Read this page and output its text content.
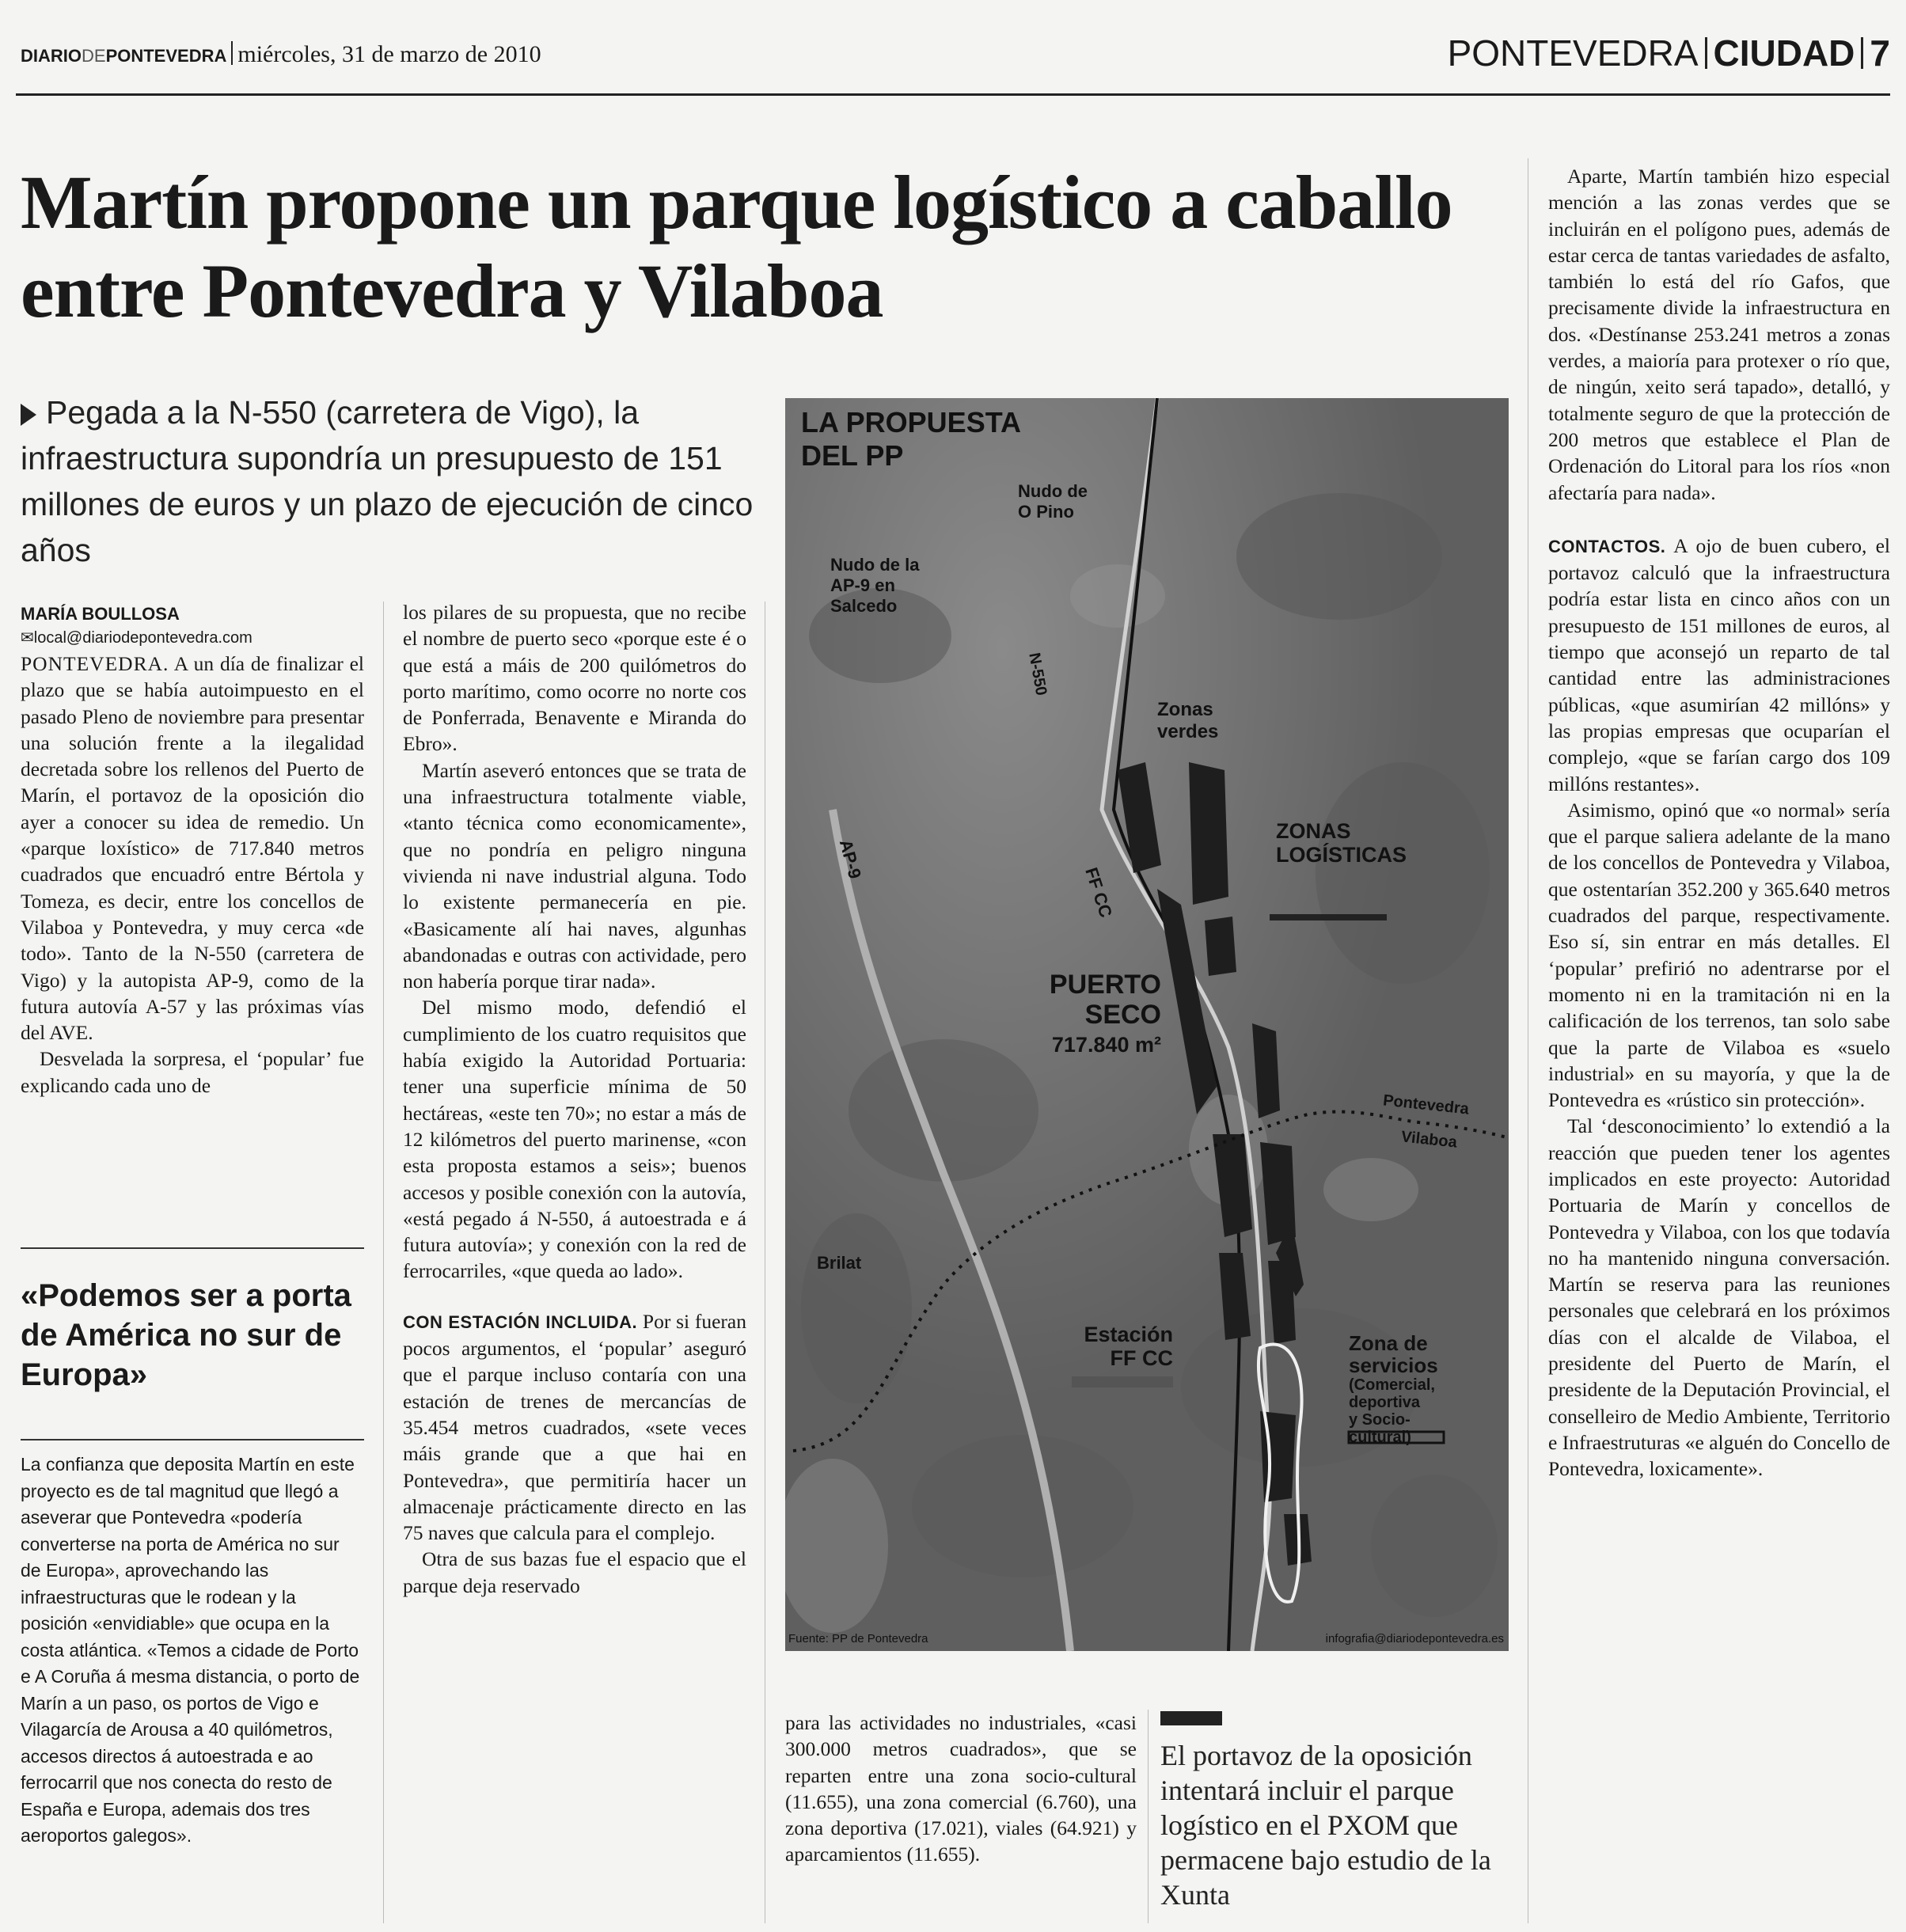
DIARIODEPONTEVEDRA miércoles, 31 de marzo de 2010	PONTEVEDRA CIUDAD 7
Martín propone un parque logístico a caballo entre Pontevedra y Vilaboa
Pegada a la N-550 (carretera de Vigo), la infraestructura supondría un presupuesto de 151 millones de euros y un plazo de ejecución de cinco años
MARÍA BOULLOSA
✉local@diariodepontevedra.com

PONTEVEDRA. A un día de finalizar el plazo que se había autoimpuesto en el pasado Pleno de noviembre para presentar una solución frente a la ilegalidad decretada sobre los rellenos del Puerto de Marín, el portavoz de la oposición dio ayer a conocer su idea de remedio. Un «parque loxístico» de 717.840 metros cuadrados que encuadró entre Bértola y Tomeza, es decir, entre los concellos de Vilaboa y Pontevedra, y muy cerca «de todo». Tanto de la N-550 (carretera de Vigo) y la autopista AP-9, como de la futura autovía A-57 y las próximas vías del AVE.

Desvelada la sorpresa, el ‘popular’ fue explicando cada uno de

«Podemos ser a porta de América no sur de Europa»

La confianza que deposita Martín en este proyecto es de tal magnitud que llegó a aseverar que Pontevedra «podería converterse na porta de América no sur de Europa», aprovechando las infraestructuras que le rodean y la posición «envidiable» que ocupa en la costa atlántica. «Temos a cidade de Porto e A Coruña á mesma distancia, o porto de Marín a un paso, os portos de Vigo e Vilagarcía de Arousa a 40 quilómetros, accesos directos á autoestrada e ao ferrocarril que nos conecta do resto de España e Europa, ademais dos tres aeroportos galegos».

los pilares de su propuesta, que no recibe el nombre de puerto seco «porque este é o que está a máis de 200 quilómetros do porto marítimo, como ocorre no norte cos de Ponferrada, Benavente e Miranda do Ebro».

Martín aseveró entonces que se trata de una infraestructura totalmente viable, «tanto técnica como economicamente», que no pondría en peligro ninguna vivienda ni nave industrial alguna. Todo lo existente permanecería en pie. «Basicamente alí hai naves, algunhas abandonadas e outras con actividade, pero non habería porque tirar nada».

Del mismo modo, defendió el cumplimiento de los cuatro requisitos que había exigido la Autoridad Portuaria: tener una superficie mínima de 50 hectáreas, «este ten 70»; no estar a más de 12 kilómetros del puerto marinense, «con esta proposta estamos a seis»; buenos accesos y posible conexión con la autovía, «está pegado á N-550, á autoestrada e á futura autovía»; y conexión con la red de ferrocarriles, «que queda ao lado».

CON ESTACIÓN INCLUIDA. Por si fueran pocos argumentos, el ‘popular’ aseguró que el parque incluso contaría con una estación de trenes de mercancías de 35.454 metros cuadrados, «sete veces máis grande que a que hai en Pontevedra», que permitiría hacer un almacenaje prácticamente directo en las 75 naves que calcula para el complejo.

Otra de sus bazas fue el espacio que el parque deja reservado

LA PROPUESTA
DEL PP
Nudo de
O Pino
Nudo de la
AP-9 en
Salcedo
N-550
AP-9
Zonas
verdes
ZONAS
LOGÍSTICAS
FF CC
PUERTO
SECO
717.840 m²
Pontevedra
Vilaboa
Brilat
Estación
FF CC
Zona de
servicios
(Comercial,
deportiva
y Socio-
cultural)
Fuente: PP de Pontevedra	infografia@diariodepontevedra.es

para las actividades no industriales, «casi 300.000 metros cuadrados», que se reparten entre una zona socio-cultural (11.655), una zona comercial (6.760), una zona deportiva (17.021), viales (64.921) y aparcamientos (11.655).

El portavoz de la oposición intentará incluir el parque logístico en el PXOM que permacene bajo estudio de la Xunta

Aparte, Martín también hizo especial mención a las zonas verdes que se incluirán en el polígono pues, además de estar cerca de tantas variedades de asfalto, también lo está del río Gafos, que precisamente divide la infraestructura en dos. «Destínanse 253.241 metros a zonas verdes, a maioría para protexer o río que, de ningún, xeito será tapado», detalló, y totalmente seguro de que la protección de 200 metros que establece el Plan de Ordenación do Litoral para los ríos «non afectaría para nada».

CONTACTOS. A ojo de buen cubero, el portavoz calculó que la infraestructura podría estar lista en cinco años con un presupuesto de 151 millones de euros, al tiempo que aconsejó un reparto de tal cantidad entre las administraciones públicas, «que asumirían 42 millóns» y las propias empresas que ocuparían el complejo, «que se farían cargo dos 109 millóns restantes».

Asimismo, opinó que «o normal» sería que el parque saliera adelante de la mano de los concellos de Pontevedra y Vilaboa, que ostentarían 352.200 y 365.640 metros cuadrados del parque, respectivamente. Eso sí, sin entrar en más detalles. El ‘popular’ prefirió no adentrarse por el momento ni en la tramitación ni en la calificación de los terrenos, tan solo sabe que la parte de Vilaboa es «suelo industrial» en su mayoría, y que la de Pontevedra es «rústico sin protección».

Tal ‘desconocimiento’ lo extendió a la reacción que pueden tener los agentes implicados en este proyecto: Autoridad Portuaria de Marín y concellos de Pontevedra y Vilaboa, con los que todavía no ha mantenido ninguna conversación. Martín se reserva para las reuniones personales que celebrará en los próximos días con el alcalde de Vilaboa, el presidente del Puerto de Marín, el presidente de la Deputación Provincial, el conselleiro de Medio Ambiente, Territorio e Infraestruturas «e alguén do Concello de Pontevedra, loxicamente».
